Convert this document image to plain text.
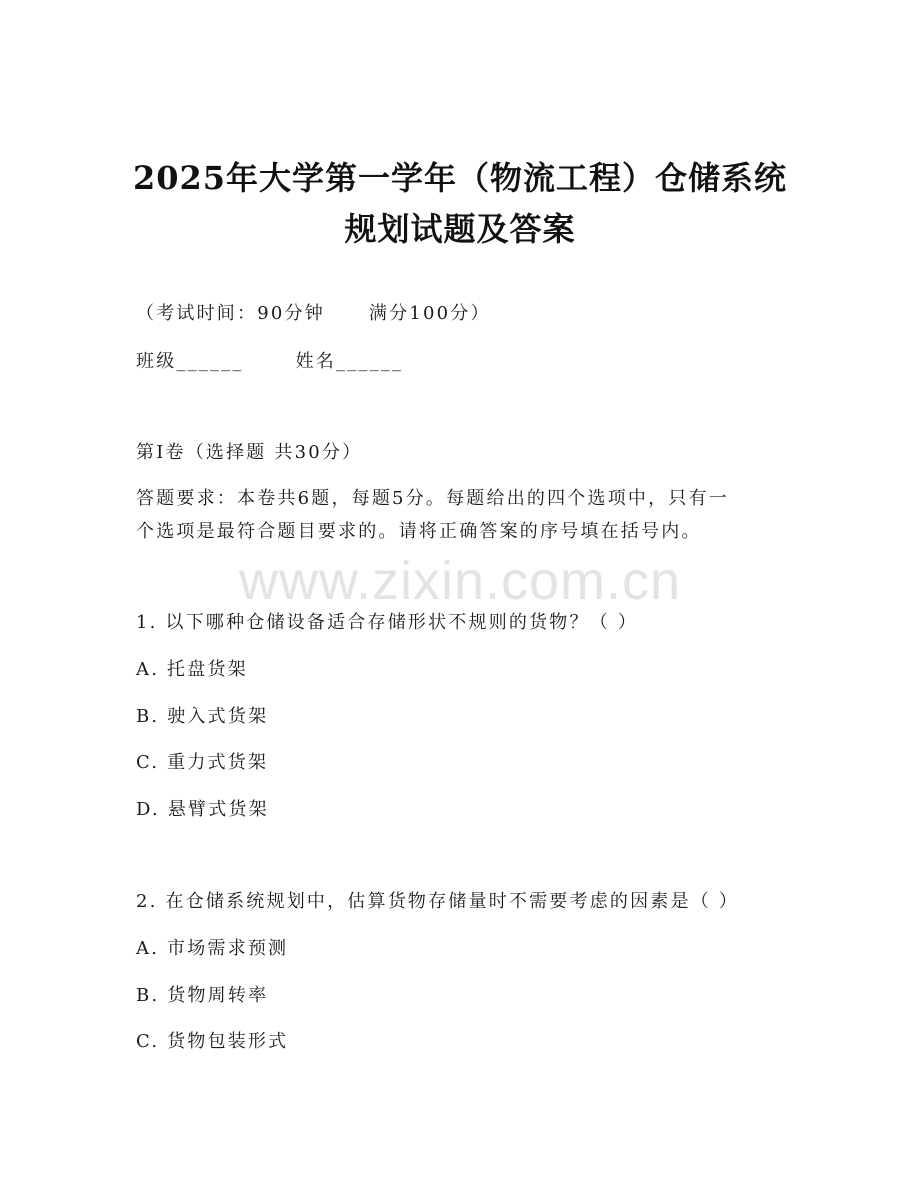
2025年大学第一学年（物流工程）仓储系统
规划试题及答案
（考试时间：90分钟 满分100分）
班级______	姓名______
第I卷（选择题 共30分）
答题要求：本卷共6题，每题5分。每题给出的四个选项中，只有一
个选项是最符合题目要求的。请将正确答案的序号填在括号内。
www.zixin.com.cn
1. 以下哪种仓储设备适合存储形状不规则的货物？（ ）
A. 托盘货架
B. 驶入式货架
C. 重力式货架
D. 悬臂式货架
2. 在仓储系统规划中，估算货物存储量时不需要考虑的因素是（ ）
A. 市场需求预测
B. 货物周转率
C. 货物包装形式
